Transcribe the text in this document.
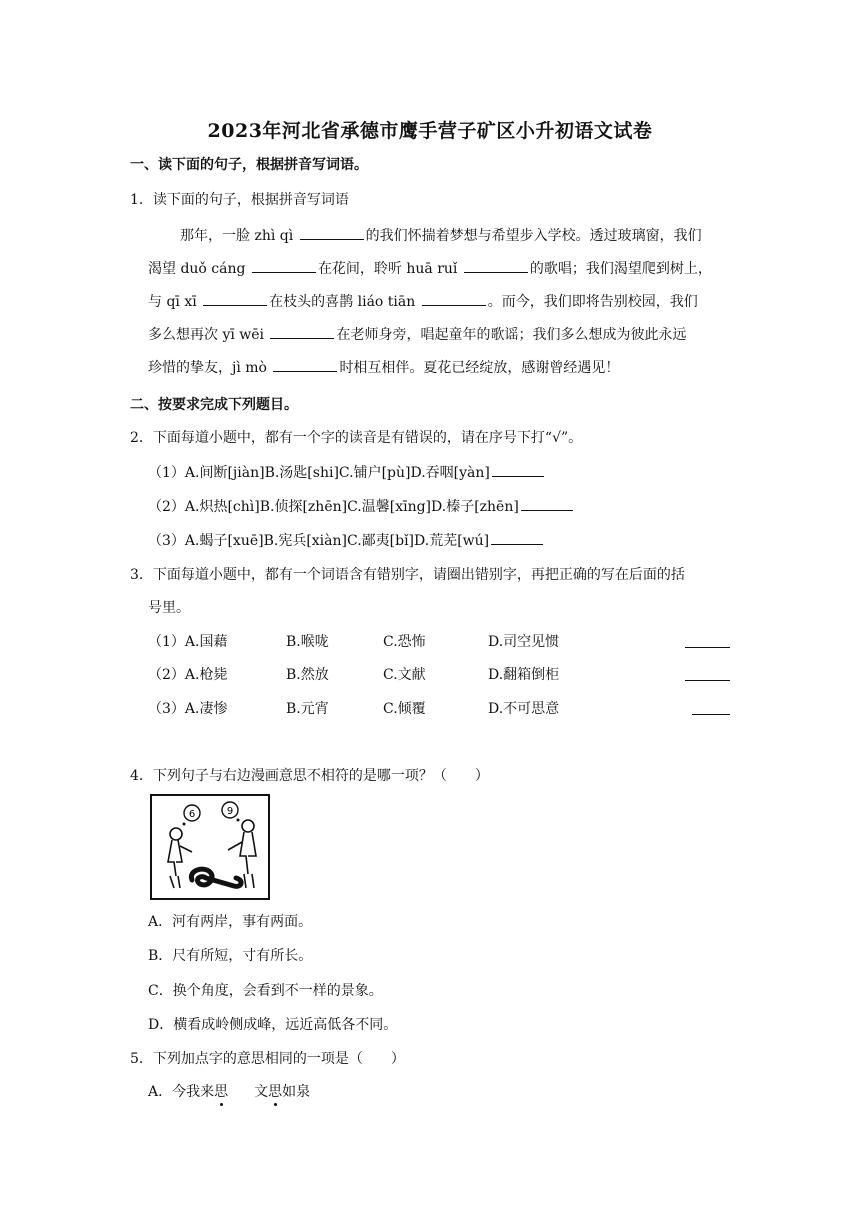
2023年河北省承德市鹰手营子矿区小升初语文试卷
一、读下面的句子，根据拼音写词语。
1．读下面的句子，根据拼音写词语
那年，一脸 zhì qì	的我们怀揣着梦想与希望步入学校。透过玻璃窗，我们
渴望 duǒ cáng	在花间，聆听 huā ruǐ	的歌唱；我们渴望爬到树上，
与 qī xī	在枝头的喜鹊 liáo tiān	。而今，我们即将告别校园，我们
多么想再次 yī wēi	在老师身旁，唱起童年的歌谣；我们多么想成为彼此永远
珍惜的挚友，jì mò	时相互相伴。夏花已经绽放，感谢曾经遇见！
二、按要求完成下列题目。
2．下面每道小题中，都有一个字的读音是有错误的，请在序号下打“√”。
（1）A.间断[jiàn]B.汤匙[shi]C.铺户[pù]D.吞咽[yàn]
（2）A.炽热[chì]B.侦探[zhēn]C.温馨[xīng]D.榛子[zhēn]
（3）A.蝎子[xuē]B.宪兵[xiàn]C.鄙夷[bǐ]D.荒芜[wú]
3．下面每道小题中，都有一个词语含有错别字，请圈出错别字，再把正确的写在后面的括
号里。
（1）A.国藉	B.喉咙	C.恐怖	D.司空见惯
（2）A.枪毙	B.然放	C.文献	D.翻箱倒柜
（3）A.凄惨	B.元宵	C.倾覆	D.不可思意
4．下列句子与右边漫画意思不相符的是哪一项？（　　）
6	9
A．河有两岸，事有两面。
B．尺有所短，寸有所长。
C．换个角度，会看到不一样的景象。
D．横看成岭侧成峰，远近高低各不同。
5．下列加点字的意思相同的一项是（　　）
A．今我来思 文思如泉
